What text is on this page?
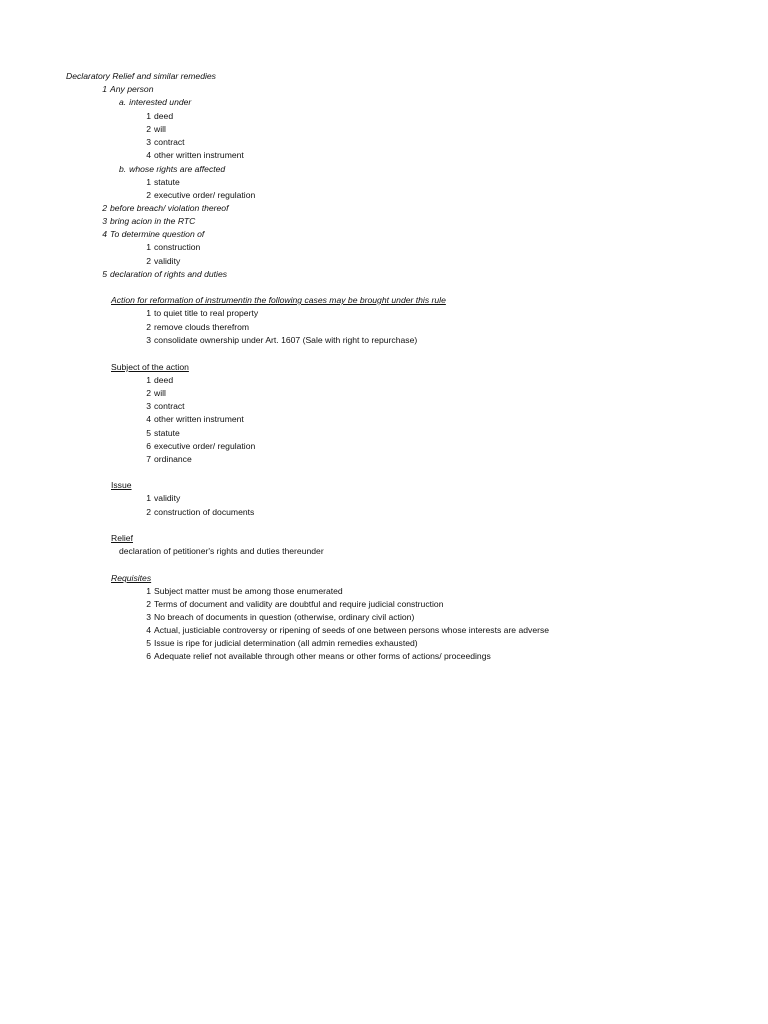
Declaratory Relief and similar remedies
1 Any person
a. interested under
1 deed
2 will
3 contract
4 other written instrument
b. whose rights are affected
1 statute
2 executive order/ regulation
2 before breach/ violation thereof
3 bring acion in the RTC
4 To determine question of
1 construction
2 validity
5 declaration of rights and duties
Action for reformation of instrumentin the following cases may be brought under this rule
1 to quiet title to real property
2 remove clouds therefrom
3 consolidate ownership under Art. 1607 (Sale with right to repurchase)
Subject of the action
1 deed
2 will
3 contract
4 other written instrument
5 statute
6 executive order/ regulation
7 ordinance
Issue
1 validity
2 construction of documents
Relief
declaration of petitioner's rights and duties thereunder
Requisites
1 Subject matter must be among those enumerated
2 Terms of document and validity are doubtful and require judicial construction
3 No breach of documents in question (otherwise, ordinary civil action)
4 Actual, justiciable controversy or ripening of seeds of one between persons whose interests are adverse
5 Issue is ripe for judicial determination (all admin remedies exhausted)
6 Adequate relief not available through other means or other forms of actions/ proceedings
